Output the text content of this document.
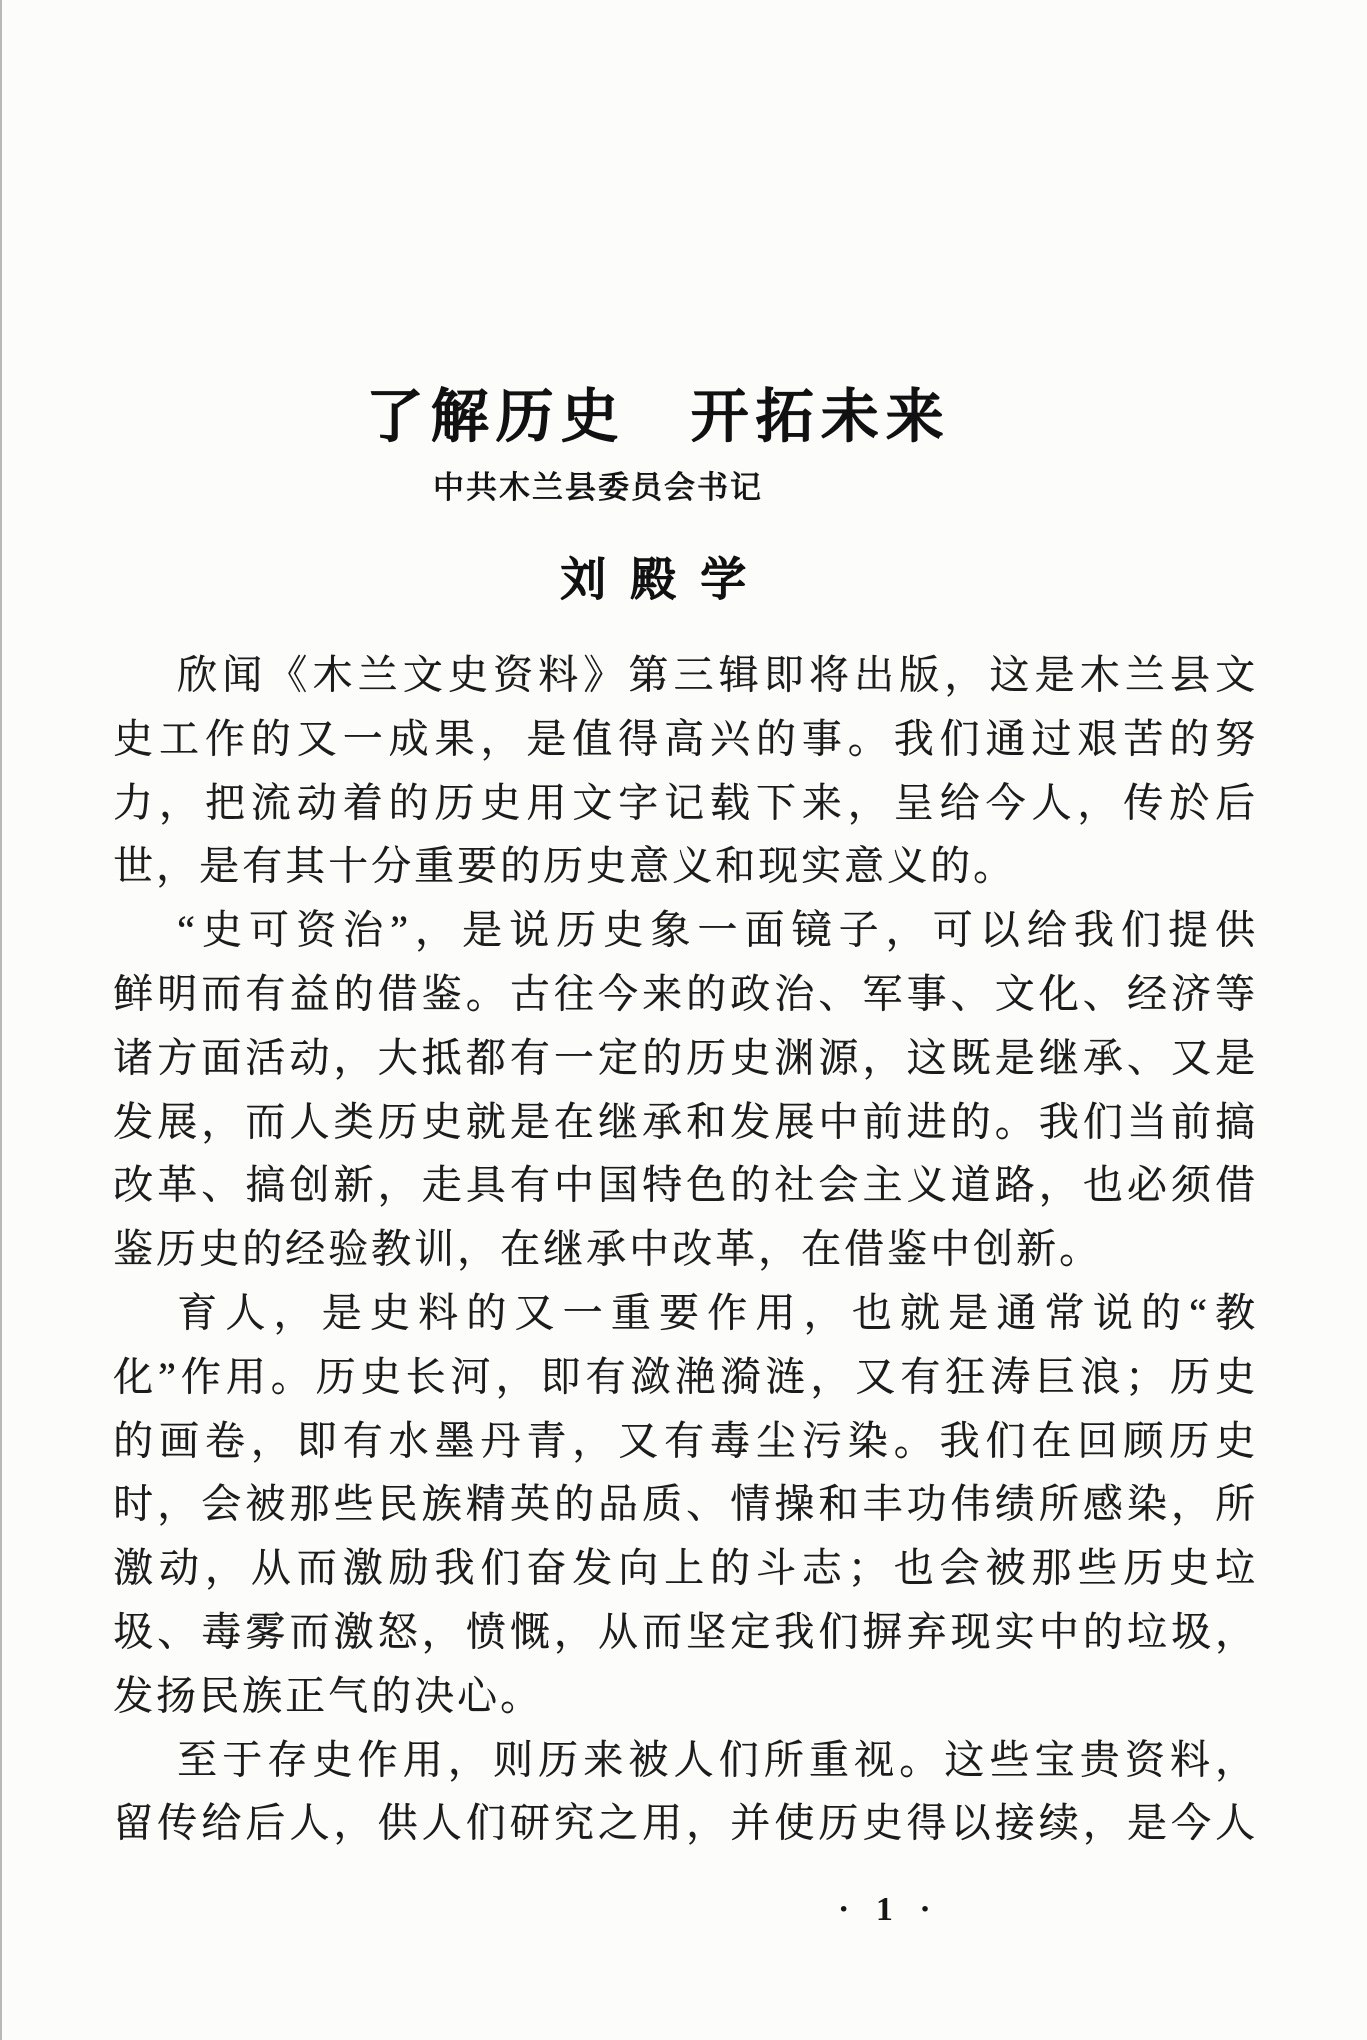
了解历史　开拓未来
中共木兰县委员会书记
刘殿学
欣闻《木兰文史资料》第三辑即将出版，这是木兰县文
史工作的又一成果，是值得高兴的事。我们通过艰苦的努
力，把流动着的历史用文字记载下来，呈给今人，传於后
世，是有其十分重要的历史意义和现实意义的。
“史可资治”，是说历史象一面镜子，可以给我们提供
鲜明而有益的借鉴。古往今来的政治、军事、文化、经济等
诸方面活动，大抵都有一定的历史渊源，这既是继承、又是
发展，而人类历史就是在继承和发展中前进的。我们当前搞
改革、搞创新，走具有中国特色的社会主义道路，也必须借
鉴历史的经验教训，在继承中改革，在借鉴中创新。
育人，是史料的又一重要作用，也就是通常说的“教
化”作用。历史长河，即有潋滟漪涟，又有狂涛巨浪；历史
的画卷，即有水墨丹青，又有毒尘污染。我们在回顾历史
时，会被那些民族精英的品质、情操和丰功伟绩所感染，所
激动，从而激励我们奋发向上的斗志；也会被那些历史垃
圾、毒雾而激怒，愤慨，从而坚定我们摒弃现实中的垃圾，
发扬民族正气的决心。
至于存史作用，则历来被人们所重视。这些宝贵资料，
留传给后人，供人们研究之用，并使历史得以接续，是今人
· 1 ·
